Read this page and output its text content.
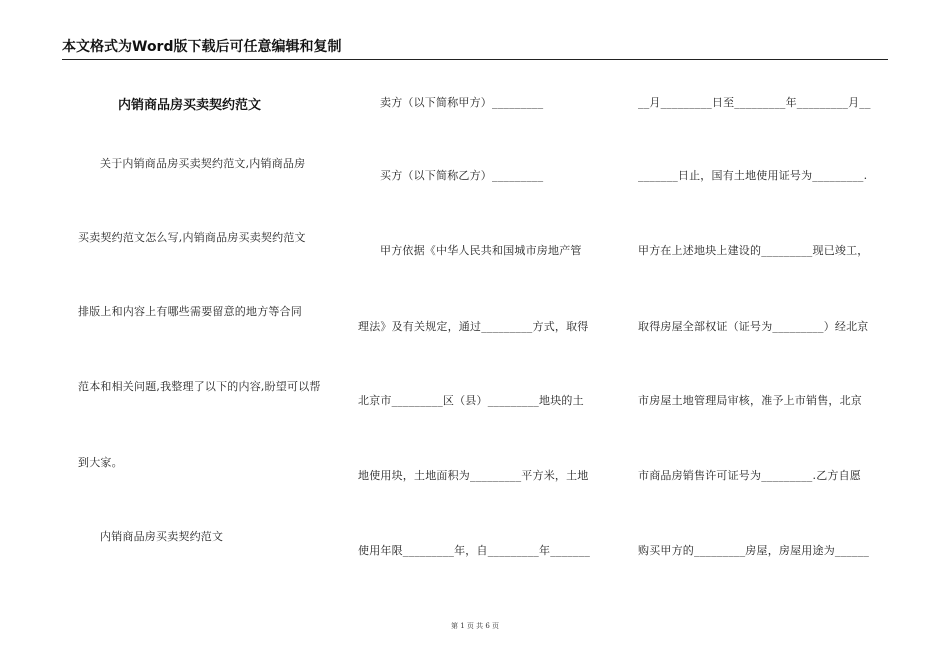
本文格式为Word版下载后可任意编辑和复制
内销商品房买卖契约范文
关于内销商品房买卖契约范文,内销商品房
买卖契约范文怎么写,内销商品房买卖契约范文
排版上和内容上有哪些需要留意的地方等合同
范本和相关问题,我整理了以下的内容,盼望可以帮
到大家。
内销商品房买卖契约范文
卖方（以下简称甲方）_________
买方（以下简称乙方）_________
甲方依据《中华人民共和国城市房地产管
理法》及有关规定，通过_________方式，取得
北京市_________区（县）_________地块的土
地使用块，土地面积为_________平方米，土地
使用年限_________年，自_________年_______
__月_________日至_________年_________月__
_______日止，国有土地使用证号为_________.
甲方在上述地块上建设的_________现已竣工，
取得房屋全部权证（证号为_________）经北京
市房屋土地管理局审核，准予上市销售，北京
市商品房销售许可证号为_________.乙方自愿
购买甲方的_________房屋，房屋用途为______
第 1 页 共 6 页
